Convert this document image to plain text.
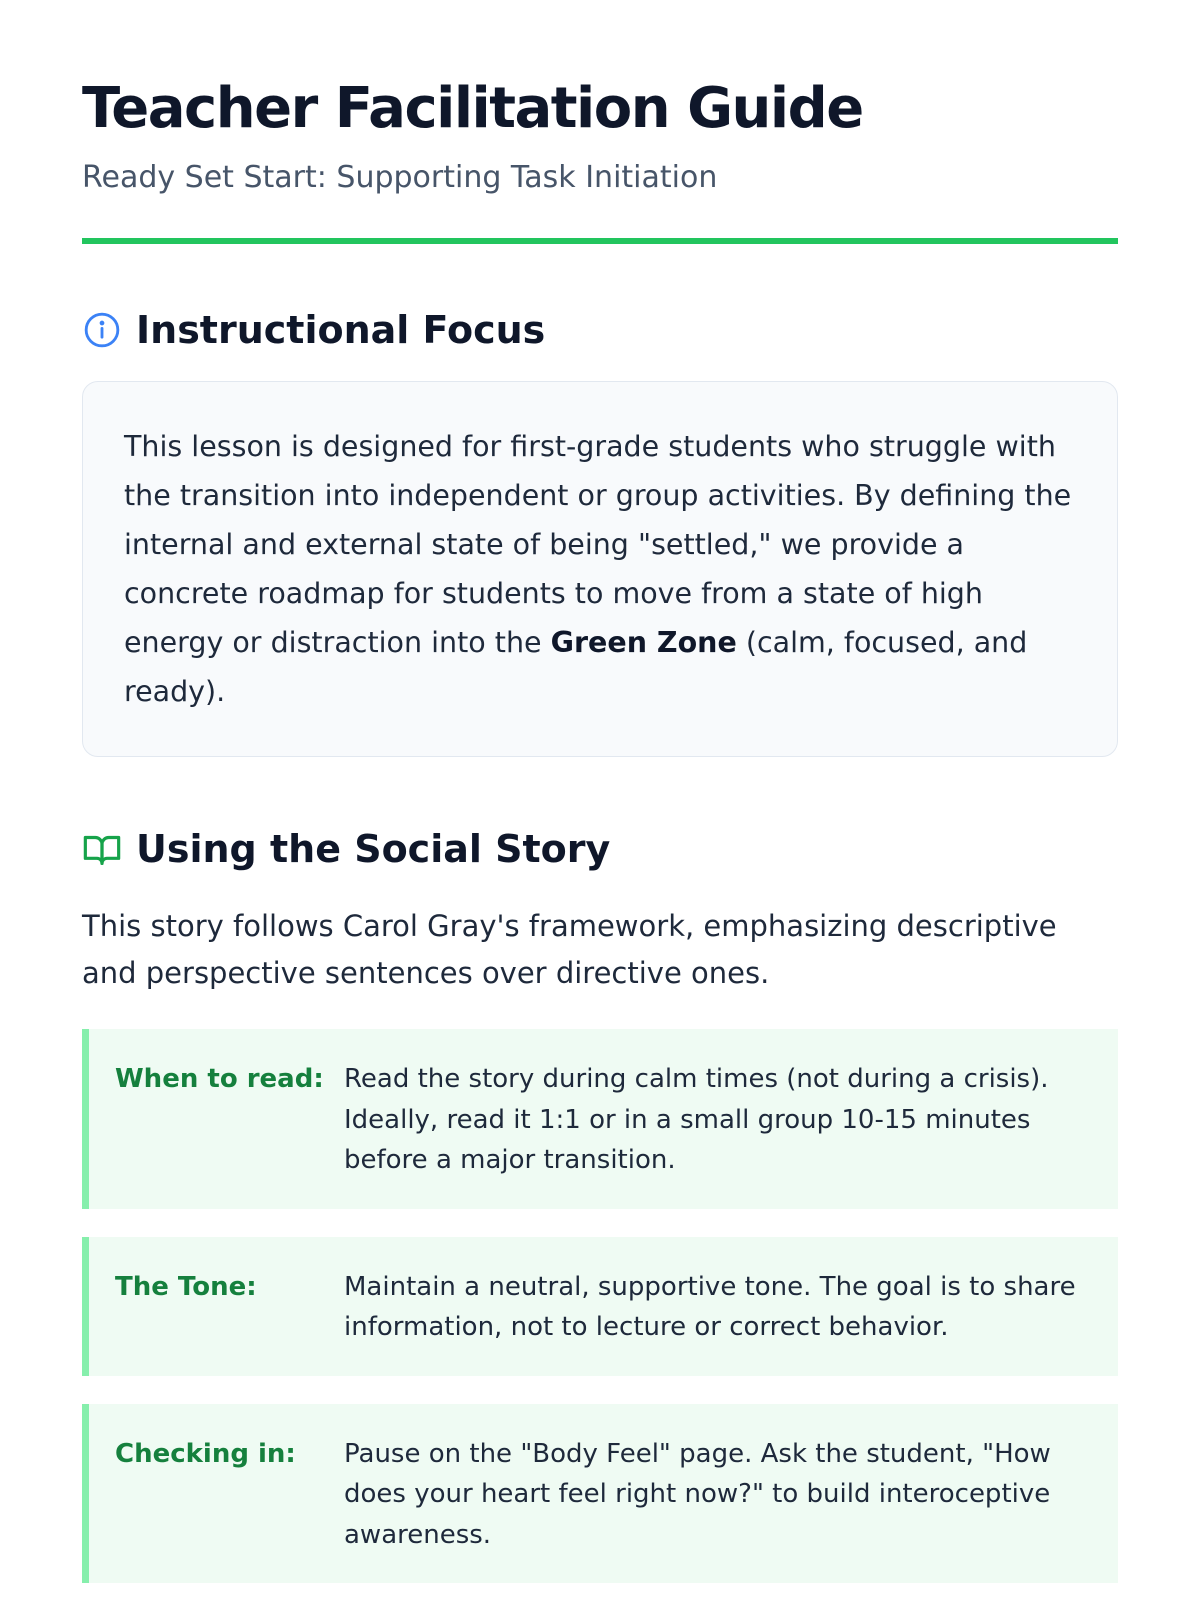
Teacher Facilitation Guide
Ready Set Start: Supporting Task Initiation
Instructional Focus
This lesson is designed for first-grade students who struggle with the transition into independent or group activities. By defining the internal and external state of being "settled," we provide a concrete roadmap for students to move from a state of high energy or distraction into the Green Zone (calm, focused, and ready).
Using the Social Story
This story follows Carol Gray's framework, emphasizing descriptive and perspective sentences over directive ones.
When to read: Read the story during calm times (not during a crisis). Ideally, read it 1:1 or in a small group 10-15 minutes before a major transition.
The Tone:	Maintain a neutral, supportive tone. The goal is to share information, not to lecture or correct behavior.
Checking in:	Pause on the "Body Feel" page. Ask the student, "How does your heart feel right now?" to build interoceptive awareness.
